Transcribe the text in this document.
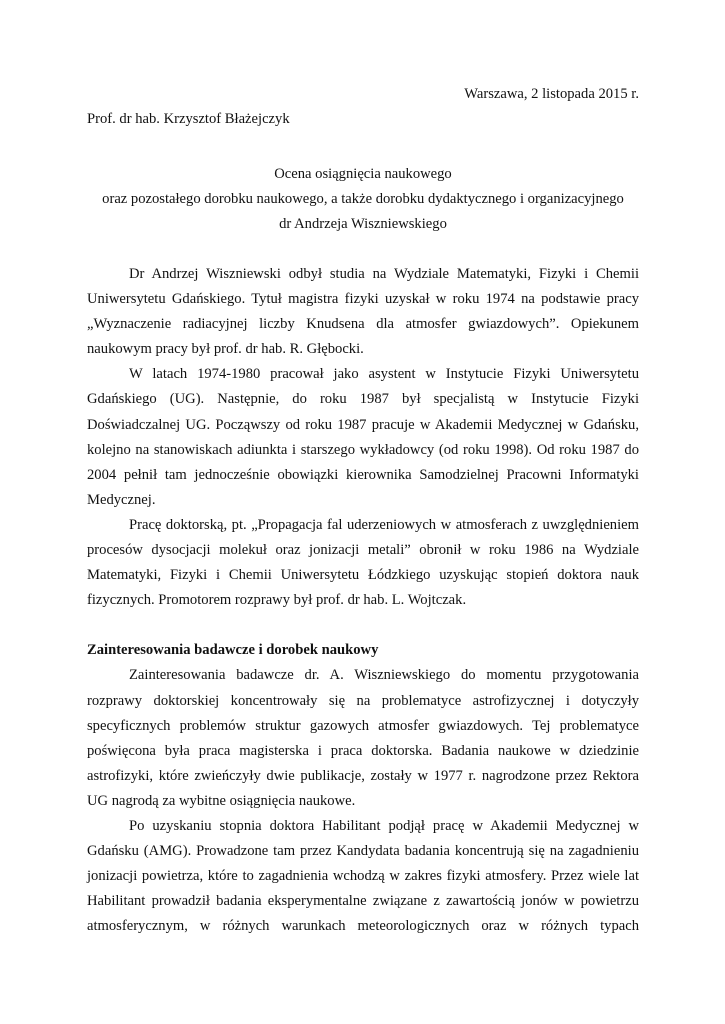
Warszawa, 2 listopada 2015 r.
Prof. dr hab. Krzysztof Błażejczyk
Ocena osiągnięcia naukowego
oraz pozostałego dorobku naukowego, a także dorobku dydaktycznego i organizacyjnego
dr Andrzeja Wiszniewskiego
Dr Andrzej Wiszniewski odbył studia na Wydziale Matematyki, Fizyki i Chemii
Uniwersytetu Gdańskiego. Tytuł magistra fizyki uzyskał w roku 1974 na podstawie pracy
„Wyznaczenie radiacyjnej liczby Knudsena dla atmosfer gwiazdowych”. Opiekunem
naukowym pracy był prof. dr hab. R. Głębocki.
W latach 1974-1980 pracował jako asystent w Instytucie Fizyki Uniwersytetu
Gdańskiego (UG). Następnie, do roku 1987 był specjalistą w Instytucie Fizyki
Doświadczalnej UG. Począwszy od roku 1987 pracuje w Akademii Medycznej w Gdańsku,
kolejno na stanowiskach adiunkta i starszego wykładowcy (od roku 1998). Od roku 1987 do
2004 pełnił tam jednocześnie obowiązki kierownika Samodzielnej Pracowni Informatyki
Medycznej.
Pracę doktorską, pt. „Propagacja fal uderzeniowych w atmosferach z uwzględnieniem
procesów dysocjacji molekuł oraz jonizacji metali” obronił w roku 1986 na Wydziale
Matematyki, Fizyki i Chemii Uniwersytetu Łódzkiego uzyskując stopień doktora nauk
fizycznych. Promotorem rozprawy był prof. dr hab. L. Wojtczak.
Zainteresowania badawcze i dorobek naukowy
Zainteresowania badawcze dr. A. Wiszniewskiego do momentu przygotowania
rozprawy doktorskiej koncentrowały się na problematyce astrofizycznej i dotyczyły
specyficznych problemów struktur gazowych atmosfer gwiazdowych. Tej problematyce
poświęcona była praca magisterska i praca doktorska. Badania naukowe w dziedzinie
astrofizyki, które zwieńczyły dwie publikacje, zostały w 1977 r. nagrodzone przez Rektora
UG nagrodą za wybitne osiągnięcia naukowe.
Po uzyskaniu stopnia doktora Habilitant podjął pracę w Akademii Medycznej w
Gdańsku (AMG). Prowadzone tam przez Kandydata badania koncentrują się na zagadnieniu
jonizacji powietrza, które to zagadnienia wchodzą w zakres fizyki atmosfery. Przez wiele lat
Habilitant prowadził badania eksperymentalne związane z zawartością jonów w powietrzu
atmosferycznym, w różnych warunkach meteorologicznych oraz w różnych typach
